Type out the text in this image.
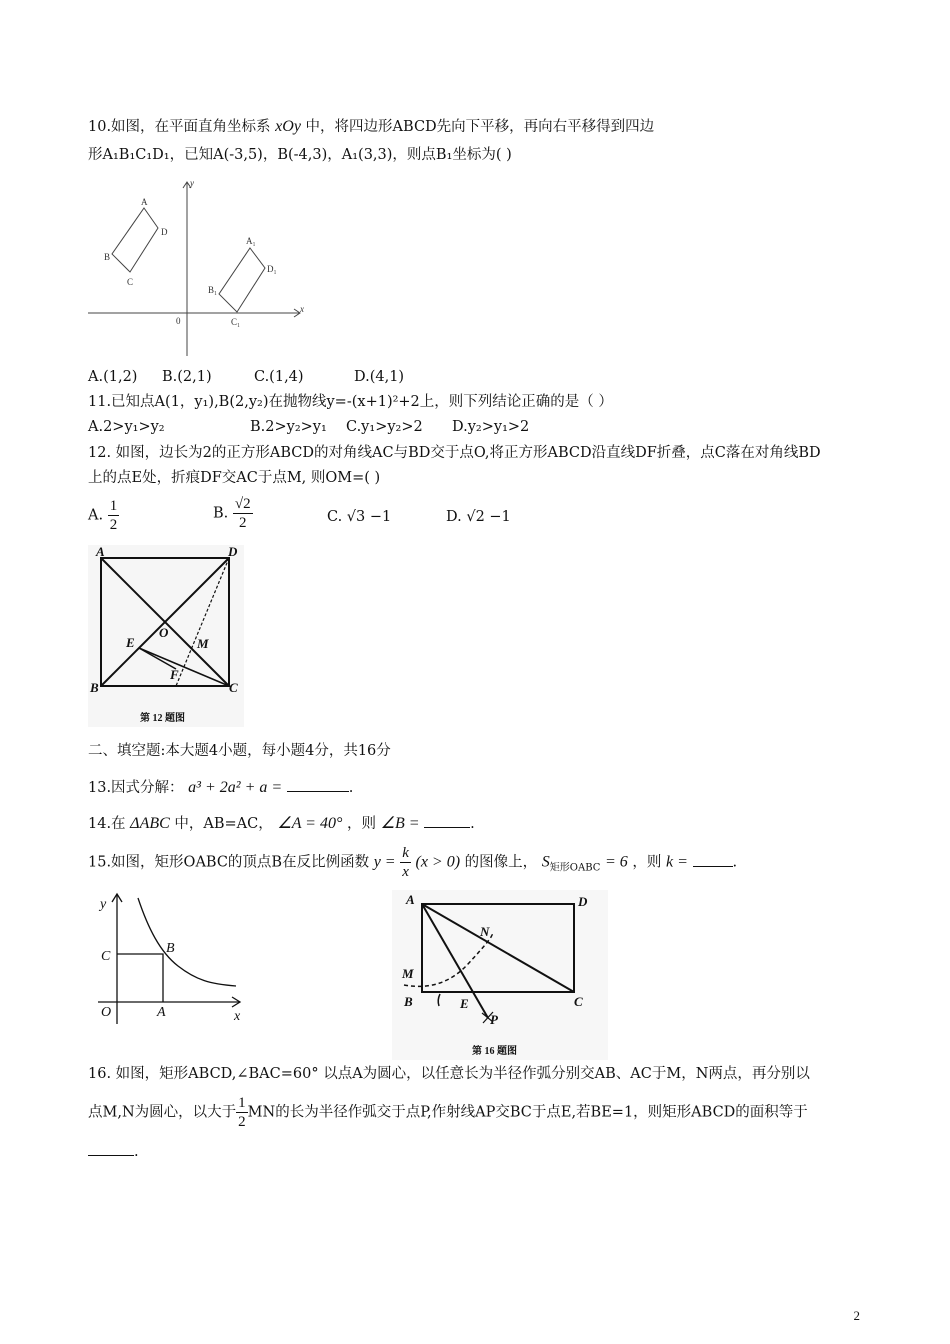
10.如图，在平面直角坐标系 xOy 中，将四边形ABCD先向下平移，再向右平移得到四边
形A₁B₁C₁D₁，已知A(-3,5)，B(-4,3)，A₁(3,3)，则点B₁坐标为( )
y
x
0
A
D
B
C
A₁
D₁
B₁
C₁
A.(1,2) B.(2,1)	C.(1,4)	D.(4,1)
11.已知点A(1，y₁),B(2,y₂)在抛物线y=-(x+1)²+2上，则下列结论正确的是（ ）
A.2>y₁>y₂	B.2>y₂>y₁ C.y₁>y₂>2 D.y₂>y₁>2
12. 如图，边长为2的正方形ABCD的对角线AC与BD交于点O,将正方形ABCD沿直线DF折叠，点C落在对角线BD
上的点E处，折痕DF交AC于点M, 则OM=( )
A. $\frac{1}{2}$	B. $\frac{√2}{2}$	C. √3 −1	D. √2 −1
A	D
B	C
O
E	M
F
第 12 题图
二、填空题:本大题4小题，每小题4分，共16分
13.因式分解： a³ + 2a² + a =	.
14.在 ΔABC 中，AB=AC， ∠A = 40° ，则 ∠B =	.
15.如图，矩形OABC的顶点B在反比例函数 $y = \frac{k}{x} (x > 0)$ 的图像上， $S_{矩形OABC} = 6$ ，则 k =	.
y
x
O	A
C
B
A	D
B	C
M
N
E
P
第 16 题图
16. 如图，矩形ABCD,∠BAC=60° 以点A为圆心，以任意长为半径作弧分别交AB、AC于M，N两点，再分别以
点M,N为圆心，以大于 $\frac{1}{2}$ MN的长为半径作弧交于点P,作射线AP交BC于点E,若BE=1，则矩形ABCD的面积等于
.
2
